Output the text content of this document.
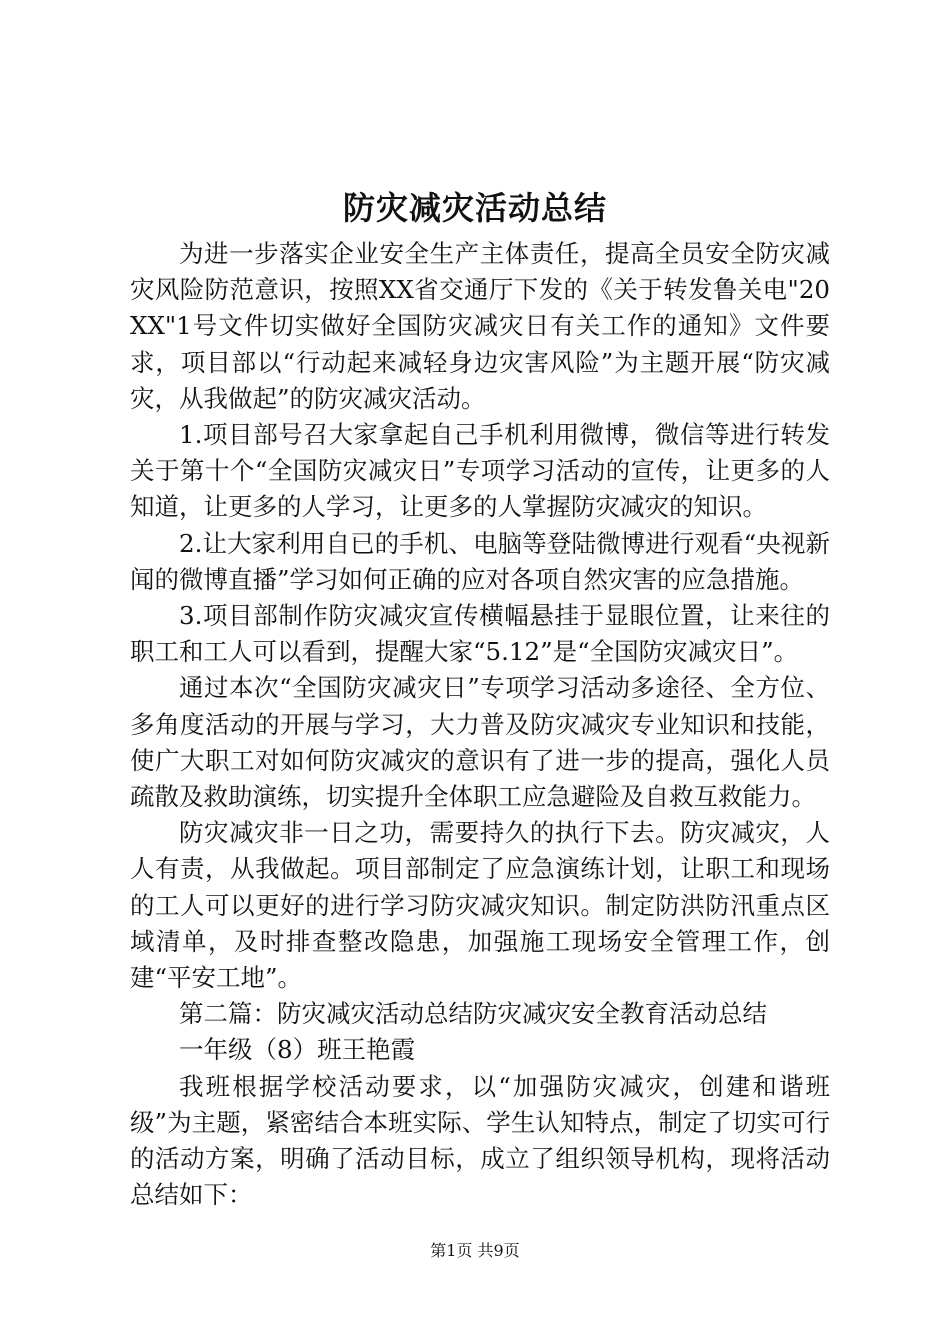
防灾减灾活动总结

为进一步落实企业安全生产主体责任，提高全员安全防灾减灾风险防范意识，按照XX省交通厅下发的《关于转发鲁关电"20XX"1号文件切实做好全国防灾减灾日有关工作的通知》文件要求，项目部以“行动起来减轻身边灾害风险”为主题开展“防灾减灾，从我做起”的防灾减灾活动。

1.项目部号召大家拿起自己手机利用微博，微信等进行转发关于第十个“全国防灾减灾日”专项学习活动的宣传，让更多的人知道，让更多的人学习，让更多的人掌握防灾减灾的知识。

2.让大家利用自已的手机、电脑等登陆微博进行观看“央视新闻的微博直播”学习如何正确的应对各项自然灾害的应急措施。

3.项目部制作防灾减灾宣传横幅悬挂于显眼位置，让来往的职工和工人可以看到，提醒大家“5.12”是“全国防灾减灾日”。

通过本次“全国防灾减灾日”专项学习活动多途径、全方位、多角度活动的开展与学习，大力普及防灾减灾专业知识和技能，使广大职工对如何防灾减灾的意识有了进一步的提高，强化人员疏散及救助演练，切实提升全体职工应急避险及自救互救能力。

防灾减灾非一日之功，需要持久的执行下去。防灾减灾，人人有责，从我做起。项目部制定了应急演练计划，让职工和现场的工人可以更好的进行学习防灾减灾知识。制定防洪防汛重点区域清单，及时排查整改隐患，加强施工现场安全管理工作，创建“平安工地”。

第二篇：防灾减灾活动总结防灾减灾安全教育活动总结

一年级（8）班王艳霞

我班根据学校活动要求，以“加强防灾减灾，创建和谐班级”为主题，紧密结合本班实际、学生认知特点，制定了切实可行的活动方案，明确了活动目标，成立了组织领导机构，现将活动总结如下：

第1页 共9页
